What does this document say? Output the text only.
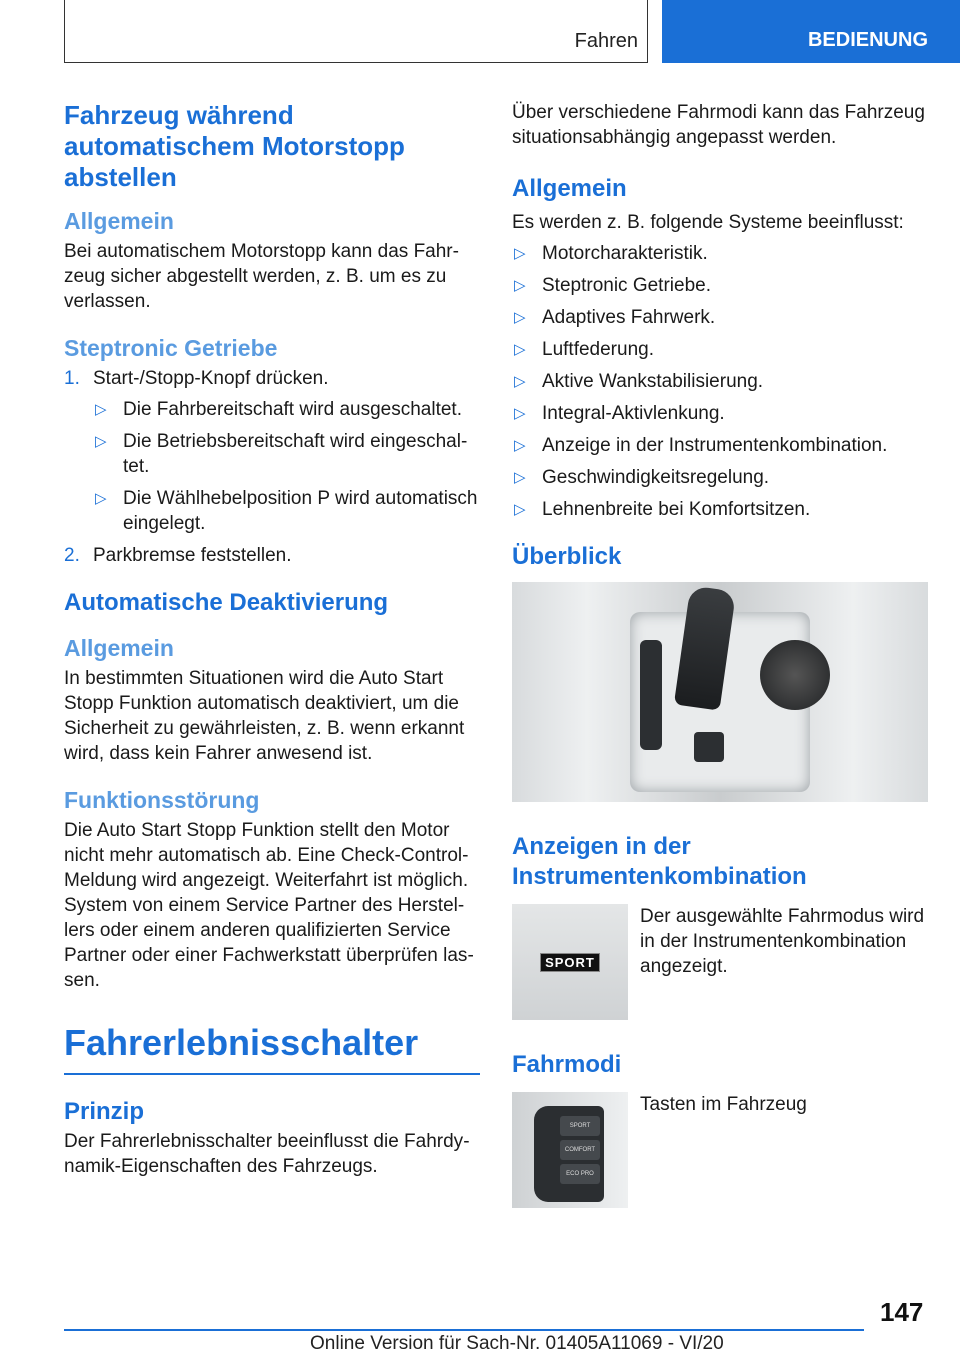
Fahren	BEDIENUNG
Fahrzeug während automatischem Motorstopp abstellen
Allgemein

Bei automatischem Motorstopp kann das Fahrzeug sicher abgestellt werden, z. B. um es zu verlassen.

Steptronic Getriebe
1. Start-/Stopp-Knopf drücken.
▷ Die Fahrbereitschaft wird ausgeschaltet.
▷ Die Betriebsbereitschaft wird eingeschaltet.
▷ Die Wählhebelposition P wird automatisch eingelegt.
2. Parkbremse feststellen.
Automatische Deaktivierung
Allgemein

In bestimmten Situationen wird die Auto Start Stopp Funktion automatisch deaktiviert, um die Sicherheit zu gewährleisten, z. B. wenn erkannt wird, dass kein Fahrer anwesend ist.

Funktionsstörung

Die Auto Start Stopp Funktion stellt den Motor nicht mehr automatisch ab. Eine Check-Control-Meldung wird angezeigt. Weiterfahrt ist möglich. System von einem Service Partner des Herstellers oder einem anderen qualifizierten Service Partner oder einer Fachwerkstatt überprüfen lassen.

Fahrerlebnisschalter
Prinzip

Der Fahrerlebnisschalter beeinflusst die Fahrdynamik-Eigenschaften des Fahrzeugs.

Über verschiedene Fahrmodi kann das Fahrzeug situationsabhängig angepasst werden.

Allgemein

Es werden z. B. folgende Systeme beeinflusst:

▷ Motorcharakteristik.
▷ Steptronic Getriebe.
▷ Adaptives Fahrwerk.
▷ Luftfederung.
▷ Aktive Wankstabilisierung.
▷ Integral-Aktivlenkung.
▷ Anzeige in der Instrumentenkombination.
▷ Geschwindigkeitsregelung.
▷ Lehnenbreite bei Komfortsitzen.
Überblick
Anzeigen in der Instrumentenkombination
SPORT
Der ausgewählte Fahrmodus wird in der Instrumentenkombination angezeigt.
Fahrmodi
SPORT
COMFORT
ECO PRO
Tasten im Fahrzeug
147
Online Version für Sach-Nr. 01405A11069 - VI/20
